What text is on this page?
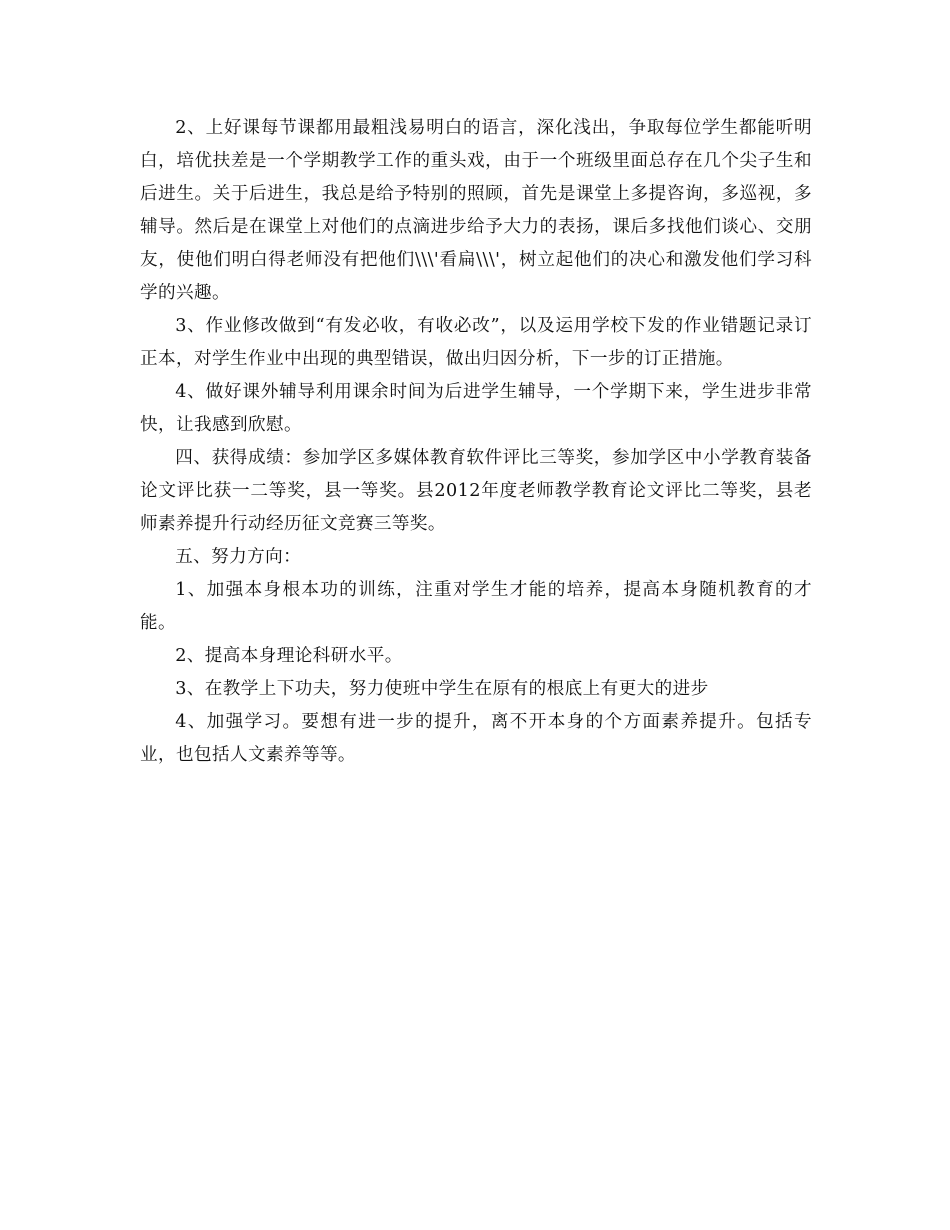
2、上好课每节课都用最粗浅易明白的语言，深化浅出，争取每位学生都能听明白，培优扶差是一个学期教学工作的重头戏，由于一个班级里面总存在几个尖子生和后进生。关于后进生，我总是给予特别的照顾，首先是课堂上多提咨询，多巡视，多辅导。然后是在课堂上对他们的点滴进步给予大力的表扬，课后多找他们谈心、交朋友，使他们明白得老师没有把他们\\\'看扁\\\'，树立起他们的决心和激发他们学习科学的兴趣。

3、作业修改做到“有发必收，有收必改”，以及运用学校下发的作业错题记录订正本，对学生作业中出现的典型错误，做出归因分析，下一步的订正措施。

4、做好课外辅导利用课余时间为后进学生辅导，一个学期下来，学生进步非常快，让我感到欣慰。

四、获得成绩：参加学区多媒体教育软件评比三等奖，参加学区中小学教育装备论文评比获一二等奖，县一等奖。县2012年度老师教学教育论文评比二等奖，县老师素养提升行动经历征文竞赛三等奖。

五、努力方向：

1、加强本身根本功的训练，注重对学生才能的培养，提高本身随机教育的才能。

2、提高本身理论科研水平。

3、在教学上下功夫，努力使班中学生在原有的根底上有更大的进步

4、加强学习。要想有进一步的提升，离不开本身的个方面素养提升。包括专业，也包括人文素养等等。
